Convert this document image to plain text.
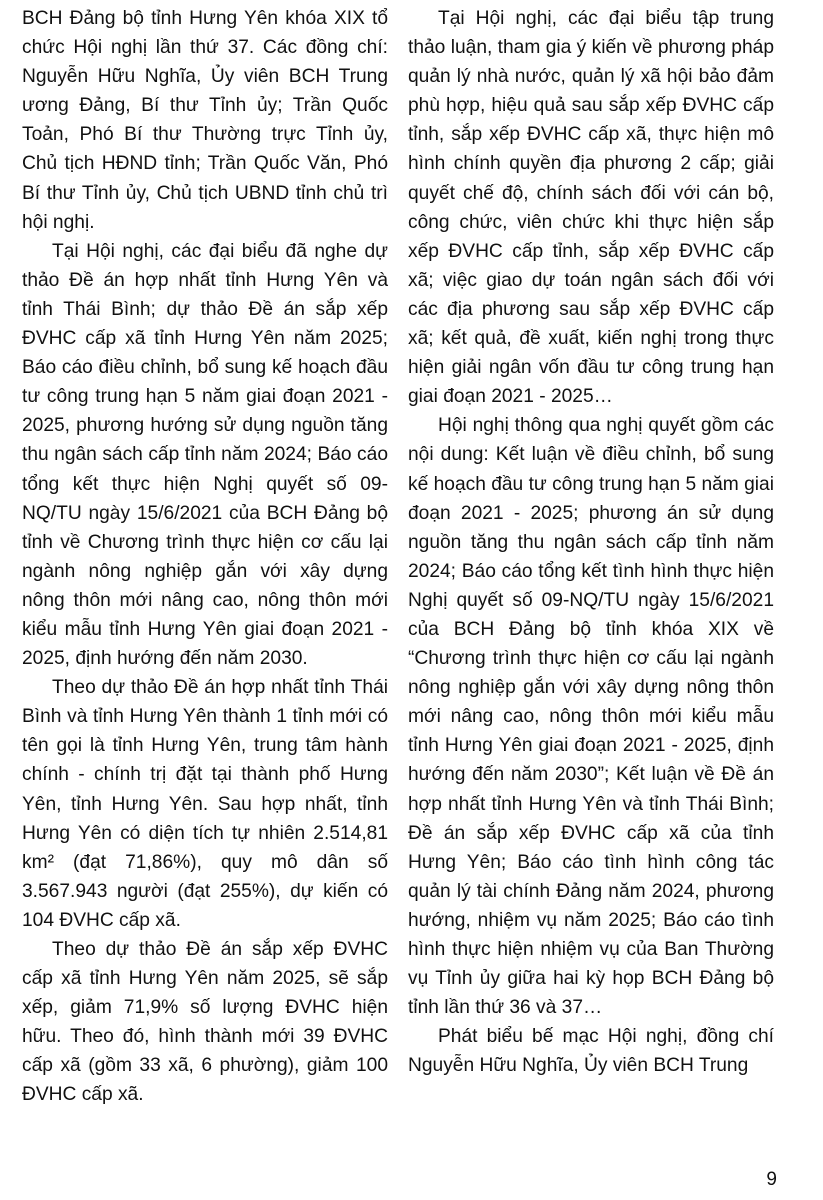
BCH Đảng bộ tỉnh Hưng Yên khóa XIX tổ chức Hội nghị lần thứ 37. Các đồng chí: Nguyễn Hữu Nghĩa, Ủy viên BCH Trung ương Đảng, Bí thư Tỉnh ủy; Trần Quốc Toản, Phó Bí thư Thường trực Tỉnh ủy, Chủ tịch HĐND tỉnh; Trần Quốc Văn, Phó Bí thư Tỉnh ủy, Chủ tịch UBND tỉnh chủ trì hội nghị.

Tại Hội nghị, các đại biểu đã nghe dự thảo Đề án hợp nhất tỉnh Hưng Yên và tỉnh Thái Bình; dự thảo Đề án sắp xếp ĐVHC cấp xã tỉnh Hưng Yên năm 2025; Báo cáo điều chỉnh, bổ sung kế hoạch đầu tư công trung hạn 5 năm giai đoạn 2021 - 2025, phương hướng sử dụng nguồn tăng thu ngân sách cấp tỉnh năm 2024; Báo cáo tổng kết thực hiện Nghị quyết số 09-NQ/TU ngày 15/6/2021 của BCH Đảng bộ tỉnh về Chương trình thực hiện cơ cấu lại ngành nông nghiệp gắn với xây dựng nông thôn mới nâng cao, nông thôn mới kiểu mẫu tỉnh Hưng Yên giai đoạn 2021 - 2025, định hướng đến năm 2030.

Theo dự thảo Đề án hợp nhất tỉnh Thái Bình và tỉnh Hưng Yên thành 1 tỉnh mới có tên gọi là tỉnh Hưng Yên, trung tâm hành chính - chính trị đặt tại thành phố Hưng Yên, tỉnh Hưng Yên. Sau hợp nhất, tỉnh Hưng Yên có diện tích tự nhiên 2.514,81 km² (đạt 71,86%), quy mô dân số 3.567.943 người (đạt 255%), dự kiến có 104 ĐVHC cấp xã.

Theo dự thảo Đề án sắp xếp ĐVHC cấp xã tỉnh Hưng Yên năm 2025, sẽ sắp xếp, giảm 71,9% số lượng ĐVHC hiện hữu. Theo đó, hình thành mới 39 ĐVHC cấp xã (gồm 33 xã, 6 phường), giảm 100 ĐVHC cấp xã.

Tại Hội nghị, các đại biểu tập trung thảo luận, tham gia ý kiến về phương pháp quản lý nhà nước, quản lý xã hội bảo đảm phù hợp, hiệu quả sau sắp xếp ĐVHC cấp tỉnh, sắp xếp ĐVHC cấp xã, thực hiện mô hình chính quyền địa phương 2 cấp; giải quyết chế độ, chính sách đối với cán bộ, công chức, viên chức khi thực hiện sắp xếp ĐVHC cấp tỉnh, sắp xếp ĐVHC cấp xã; việc giao dự toán ngân sách đối với các địa phương sau sắp xếp ĐVHC cấp xã; kết quả, đề xuất, kiến nghị trong thực hiện giải ngân vốn đầu tư công trung hạn giai đoạn 2021 - 2025…

Hội nghị thông qua nghị quyết gồm các nội dung: Kết luận về điều chỉnh, bổ sung kế hoạch đầu tư công trung hạn 5 năm giai đoạn 2021 - 2025; phương án sử dụng nguồn tăng thu ngân sách cấp tỉnh năm 2024; Báo cáo tổng kết tình hình thực hiện Nghị quyết số 09-NQ/TU ngày 15/6/2021 của BCH Đảng bộ tỉnh khóa XIX về “Chương trình thực hiện cơ cấu lại ngành nông nghiệp gắn với xây dựng nông thôn mới nâng cao, nông thôn mới kiểu mẫu tỉnh Hưng Yên giai đoạn 2021 - 2025, định hướng đến năm 2030”; Kết luận về Đề án hợp nhất tỉnh Hưng Yên và tỉnh Thái Bình; Đề án sắp xếp ĐVHC cấp xã của tỉnh Hưng Yên; Báo cáo tình hình công tác quản lý tài chính Đảng năm 2024, phương hướng, nhiệm vụ năm 2025; Báo cáo tình hình thực hiện nhiệm vụ của Ban Thường vụ Tỉnh ủy giữa hai kỳ họp BCH Đảng bộ tỉnh lần thứ 36 và 37…

Phát biểu bế mạc Hội nghị, đồng chí Nguyễn Hữu Nghĩa, Ủy viên BCH Trung

9
